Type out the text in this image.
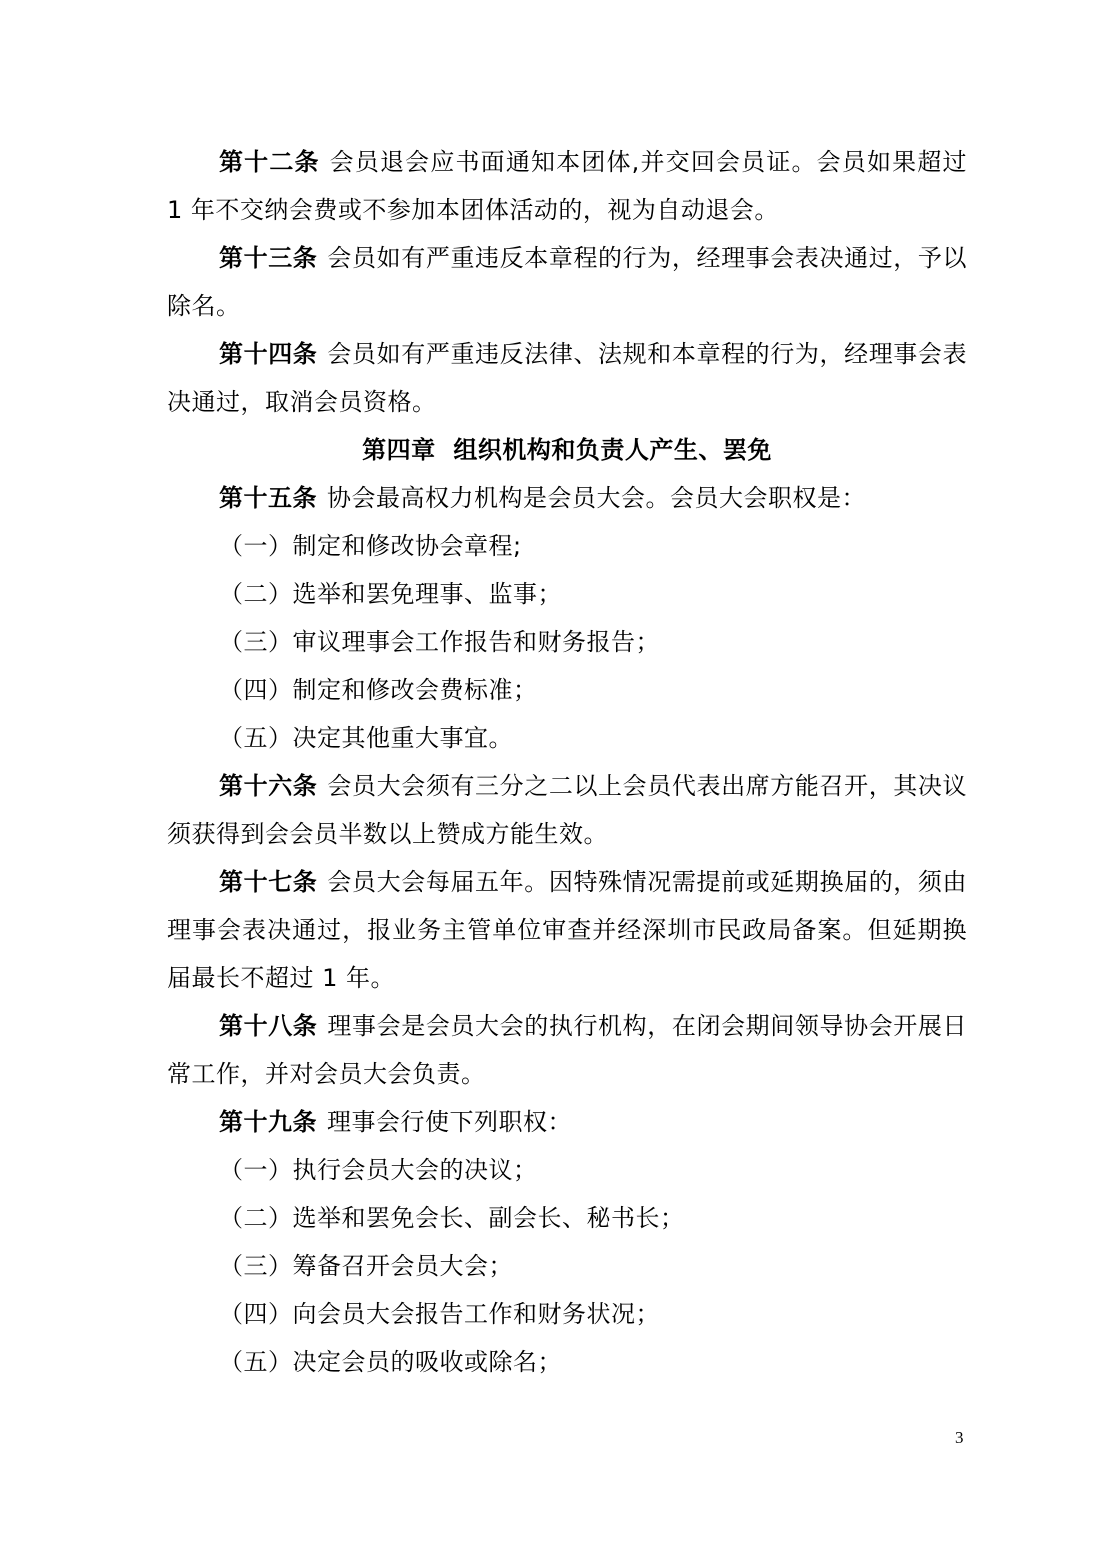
第十二条 会员退会应书面通知本团体,并交回会员证。会员如果超过 1 年不交纳会费或不参加本团体活动的，视为自动退会。

第十三条 会员如有严重违反本章程的行为，经理事会表决通过，予以除名。

第十四条 会员如有严重违反法律、法规和本章程的行为，经理事会表决通过，取消会员资格。

第四章  组织机构和负责人产生、罢免

第十五条 协会最高权力机构是会员大会。会员大会职权是：

（一）制定和修改协会章程;

（二）选举和罢免理事、监事；

（三）审议理事会工作报告和财务报告；

（四）制定和修改会费标准；

（五）决定其他重大事宜。

第十六条 会员大会须有三分之二以上会员代表出席方能召开，其决议须获得到会会员半数以上赞成方能生效。

第十七条 会员大会每届五年。因特殊情况需提前或延期换届的，须由理事会表决通过，报业务主管单位审查并经深圳市民政局备案。但延期换届最长不超过 1 年。

第十八条 理事会是会员大会的执行机构，在闭会期间领导协会开展日常工作，并对会员大会负责。

第十九条 理事会行使下列职权：

（一）执行会员大会的决议；

（二）选举和罢免会长、副会长、秘书长；

（三）筹备召开会员大会；

（四）向会员大会报告工作和财务状况；

（五）决定会员的吸收或除名；

3
